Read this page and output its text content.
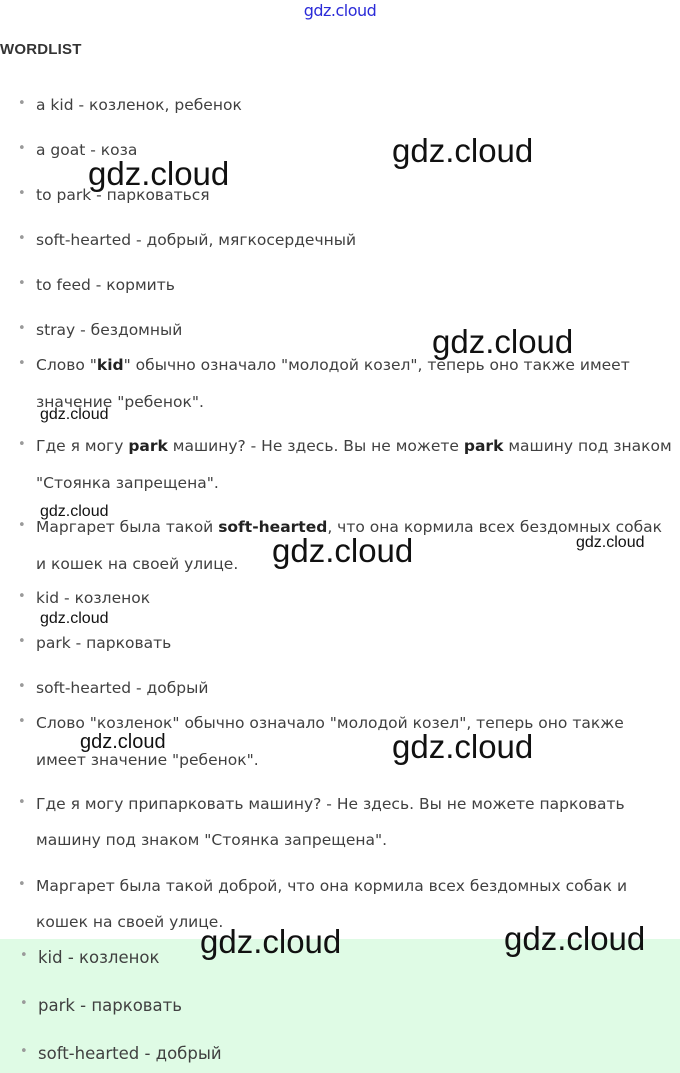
gdz.cloud
WORDLIST
• a kid - козленок, ребенок
• a goat - коза
• to park - парковаться
• soft-hearted - добрый, мягкосердечный
• to feed - кормить
• stray - бездомный
• Слово "kid" обычно означало "молодой козел", теперь оно также имеет
значение "ребенок".
• Где я могу park машину? - Не здесь. Вы не можете park машину под знаком
"Стоянка запрещена".
• Маргарет была такой soft-hearted, что она кормила всех бездомных собак
и кошек на своей улице.
• kid - козленок
• park - парковать
• soft-hearted - добрый
• Слово "козленок" обычно означало "молодой козел", теперь оно также
имеет значение "ребенок".
• Где я могу припарковать машину? - Не здесь. Вы не можете парковать
машину под знаком "Стоянка запрещена".
• Маргарет была такой доброй, что она кормила всех бездомных собак и
кошек на своей улице.
• kid - козленок
• park - парковать
• soft-hearted - добрый
gdz.cloud
gdz.cloud
gdz.cloud
gdz.cloud
gdz.cloud
gdz.cloud	gdz.cloud
gdz.cloud
gdz.cloud	gdz.cloud
gdz.cloud	gdz.cloud
